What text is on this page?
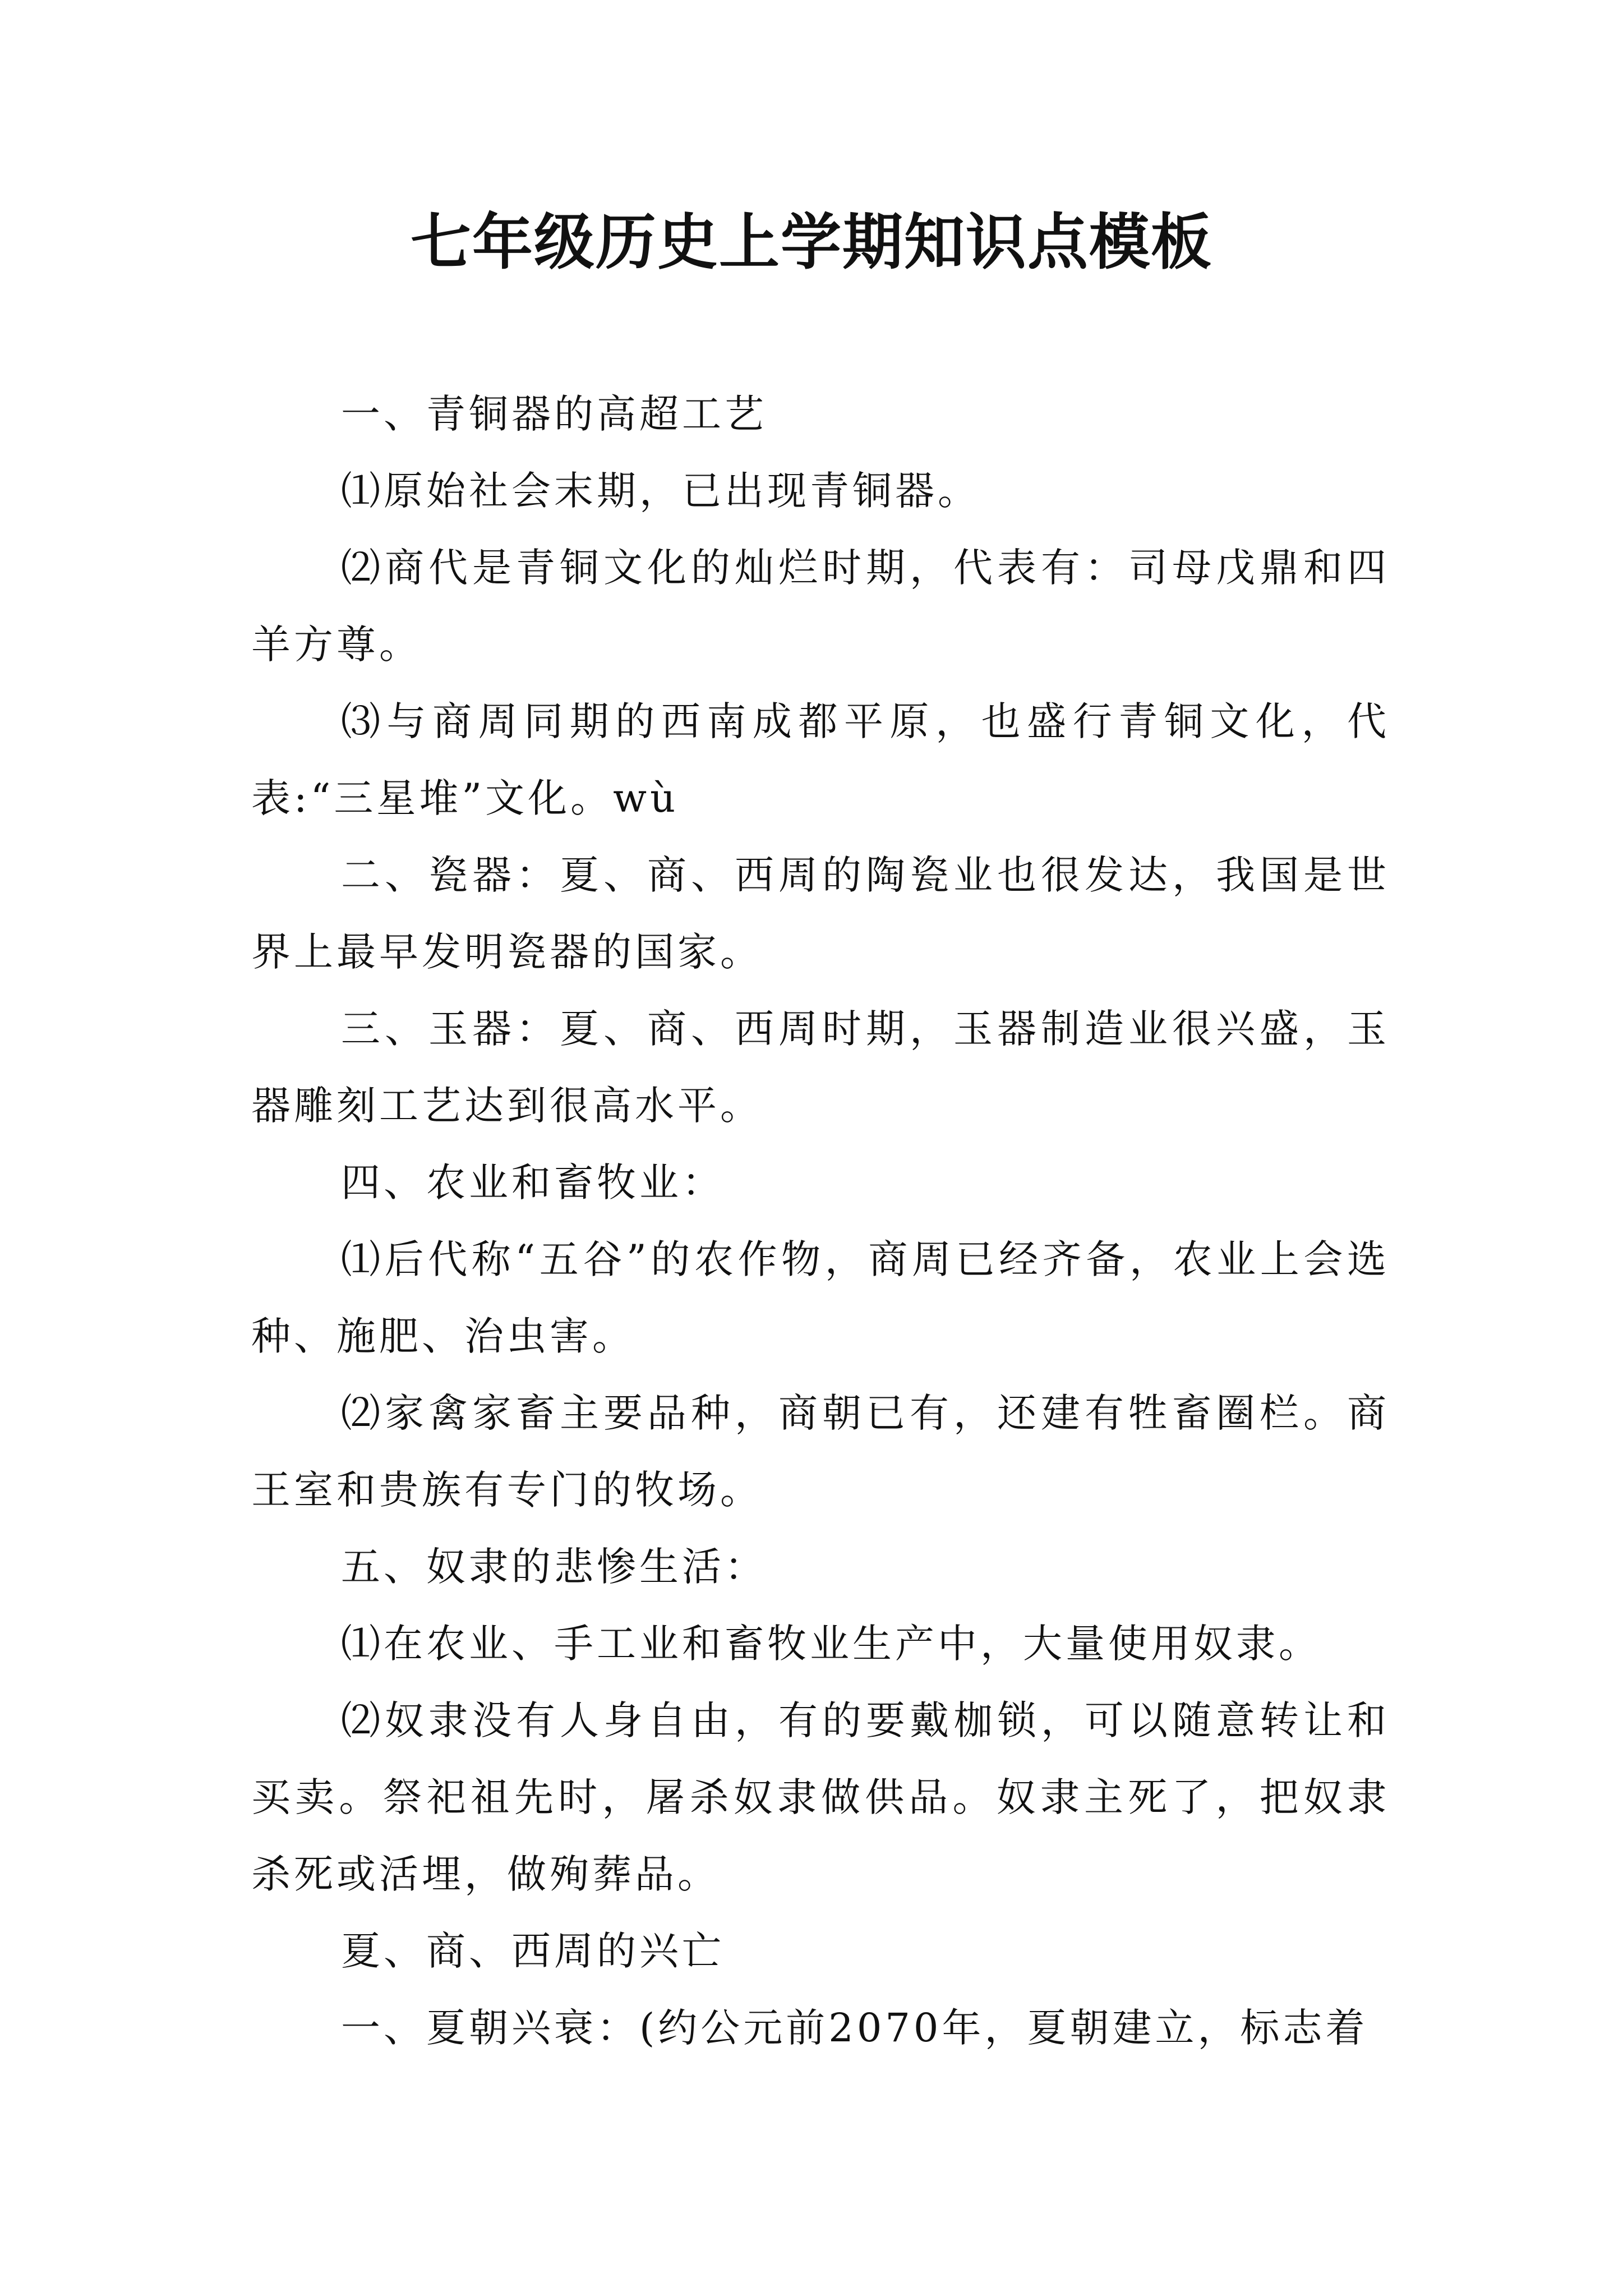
七年级历史上学期知识点模板

一、青铜器的高超工艺

⑴原始社会末期，已出现青铜器。

⑵商代是青铜文化的灿烂时期，代表有：司母戊鼎和四羊方尊。

⑶与商周同期的西南成都平原，也盛行青铜文化，代表:“三星堆”文化。wù

二、瓷器：夏、商、西周的陶瓷业也很发达，我国是世界上最早发明瓷器的国家。

三、玉器：夏、商、西周时期，玉器制造业很兴盛，玉器雕刻工艺达到很高水平。

四、农业和畜牧业：

⑴后代称“五谷”的农作物，商周已经齐备，农业上会选种、施肥、治虫害。

⑵家禽家畜主要品种，商朝已有，还建有牲畜圈栏。商王室和贵族有专门的牧场。

五、奴隶的悲惨生活：

⑴在农业、手工业和畜牧业生产中，大量使用奴隶。

⑵奴隶没有人身自由，有的要戴枷锁，可以随意转让和买卖。祭祀祖先时，屠杀奴隶做供品。奴隶主死了，把奴隶杀死或活埋，做殉葬品。

夏、商、西周的兴亡

一、夏朝兴衰：(约公元前2070年，夏朝建立，标志着
